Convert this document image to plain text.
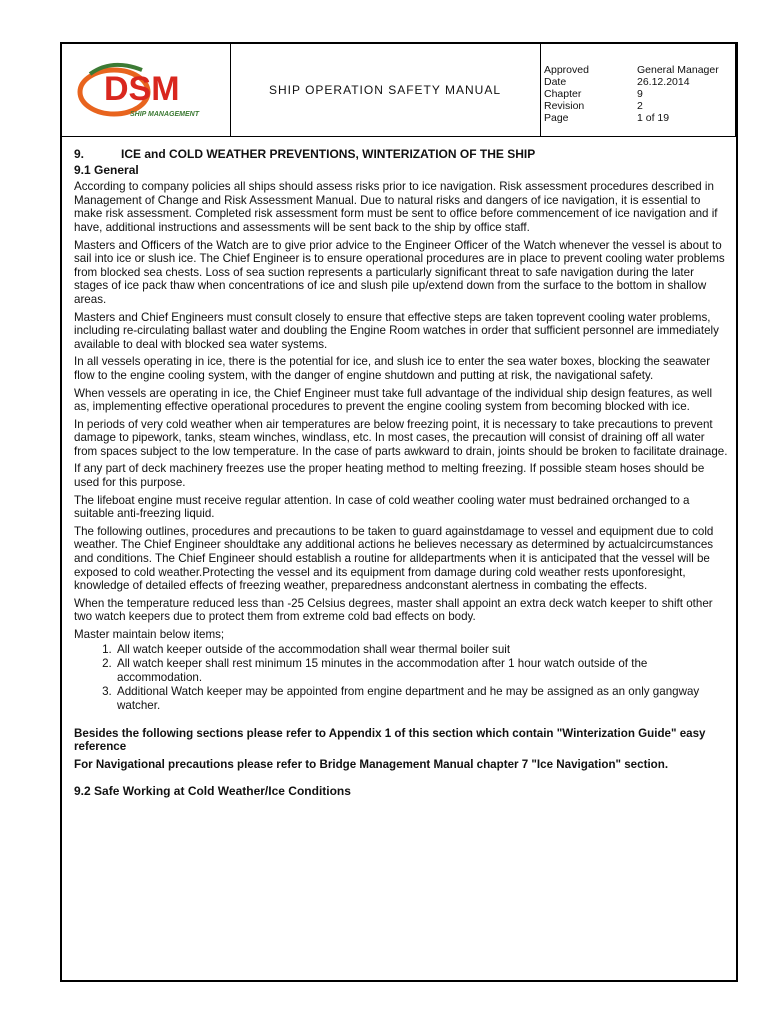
DSM
SHIP MANAGEMENT
SHIP OPERATION SAFETY MANUAL
Approved	General Manager
Date	26.12.2014
Chapter	9
Revision	2
Page	1 of 19
9.	ICE and COLD WEATHER PREVENTIONS, WINTERIZATION OF THE SHIP
9.1 General

According to company policies all ships should assess risks prior to ice navigation. Risk assessment procedures described in Management of Change and Risk Assessment Manual. Due to natural risks and dangers of ice navigation, it is essential to make risk assessment. Completed risk assessment form must be sent to office before commencement of ice navigation and if have, additional instructions and assessments will be sent back to the ship by office staff.

Masters and Officers of the Watch are to give prior advice to the Engineer Officer of the Watch whenever the vessel is about to sail into ice or slush ice. The Chief Engineer is to ensure operational procedures are in place to prevent cooling water problems from blocked sea chests. Loss of sea suction represents a particularly significant threat to safe navigation during the later stages of ice pack thaw when concentrations of ice and slush pile up/extend down from the surface to the bottom in shallow areas.

Masters and Chief Engineers must consult closely to ensure that effective steps are taken toprevent cooling water problems, including re-circulating ballast water and doubling the Engine Room watches in order that sufficient personnel are immediately available to deal with blocked sea water systems.

In all vessels operating in ice, there is the potential for ice, and slush ice to enter the sea water boxes, blocking the seawater flow to the engine cooling system, with the danger of engine shutdown and putting at risk, the navigational safety.

When vessels are operating in ice, the Chief Engineer must take full advantage of the individual ship design features, as well as, implementing effective operational procedures to prevent the engine cooling system from becoming blocked with ice.

In periods of very cold weather when air temperatures are below freezing point, it is necessary to take precautions to prevent damage to pipework, tanks, steam winches, windlass, etc. In most cases, the precaution will consist of draining off all water from spaces subject to the low temperature. In the case of parts awkward to drain, joints should be broken to facilitate drainage.

If any part of deck machinery freezes use the proper heating method to melting freezing. If possible steam hoses should be used for this purpose.

The lifeboat engine must receive regular attention. In case of cold weather cooling water must bedrained orchanged to a suitable anti-freezing liquid.

The following outlines, procedures and precautions to be taken to guard againstdamage to vessel and equipment due to cold weather. The Chief Engineer shouldtake any additional actions he believes necessary as determined by actualcircumstances and conditions. The Chief Engineer should establish a routine for alldepartments when it is anticipated that the vessel will be exposed to cold weather.Protecting the vessel and its equipment from damage during cold weather rests uponforesight, knowledge of detailed effects of freezing weather, preparedness andconstant alertness in combating the effects.

When the temperature reduced less than -25 Celsius degrees, master shall appoint an extra deck watch keeper to shift other two watch keepers due to protect them from extreme cold bad effects on body.

Master maintain below items;

1. All watch keeper outside of the accommodation shall wear thermal boiler suit
2. All watch keeper shall rest minimum 15 minutes in the accommodation after 1 hour watch outside of the accommodation.
3. Additional Watch keeper may be appointed from engine department and he may be assigned as an only gangway watcher.

Besides the following sections please refer to Appendix 1 of this section which contain "Winterization Guide" easy reference

For Navigational precautions please refer to Bridge Management Manual chapter 7 "Ice Navigation" section.

9.2 Safe Working at Cold Weather/Ice Conditions
